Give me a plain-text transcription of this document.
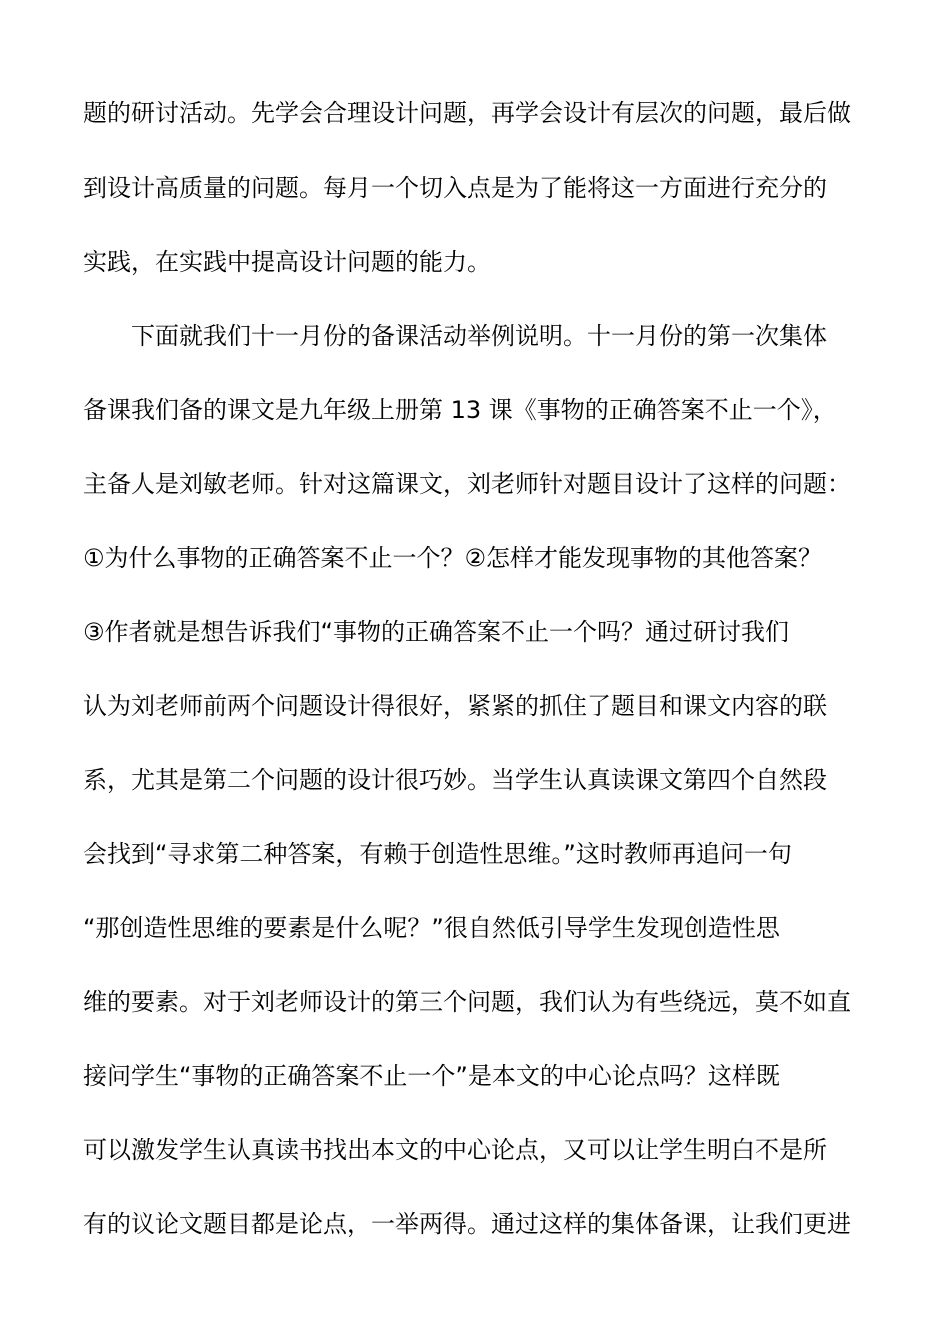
题的研讨活动。先学会合理设计问题，再学会设计有层次的问题，最后做
到设计高质量的问题。每月一个切入点是为了能将这一方面进行充分的
实践，在实践中提高设计问题的能力。
下面就我们十一月份的备课活动举例说明。十一月份的第一次集体
备课我们备的课文是九年级上册第 13 课《事物的正确答案不止一个》，
主备人是刘敏老师。针对这篇课文，刘老师针对题目设计了这样的问题：
①为什么事物的正确答案不止一个？②怎样才能发现事物的其他答案？
③作者就是想告诉我们“事物的正确答案不止一个吗？通过研讨我们
认为刘老师前两个问题设计得很好，紧紧的抓住了题目和课文内容的联
系，尤其是第二个问题的设计很巧妙。当学生认真读课文第四个自然段
会找到“寻求第二种答案，有赖于创造性思维。”这时教师再追问一句
“那创造性思维的要素是什么呢？”很自然低引导学生发现创造性思
维的要素。对于刘老师设计的第三个问题，我们认为有些绕远，莫不如直
接问学生“事物的正确答案不止一个”是本文的中心论点吗？这样既
可以激发学生认真读书找出本文的中心论点，又可以让学生明白不是所
有的议论文题目都是论点，一举两得。通过这样的集体备课，让我们更进
